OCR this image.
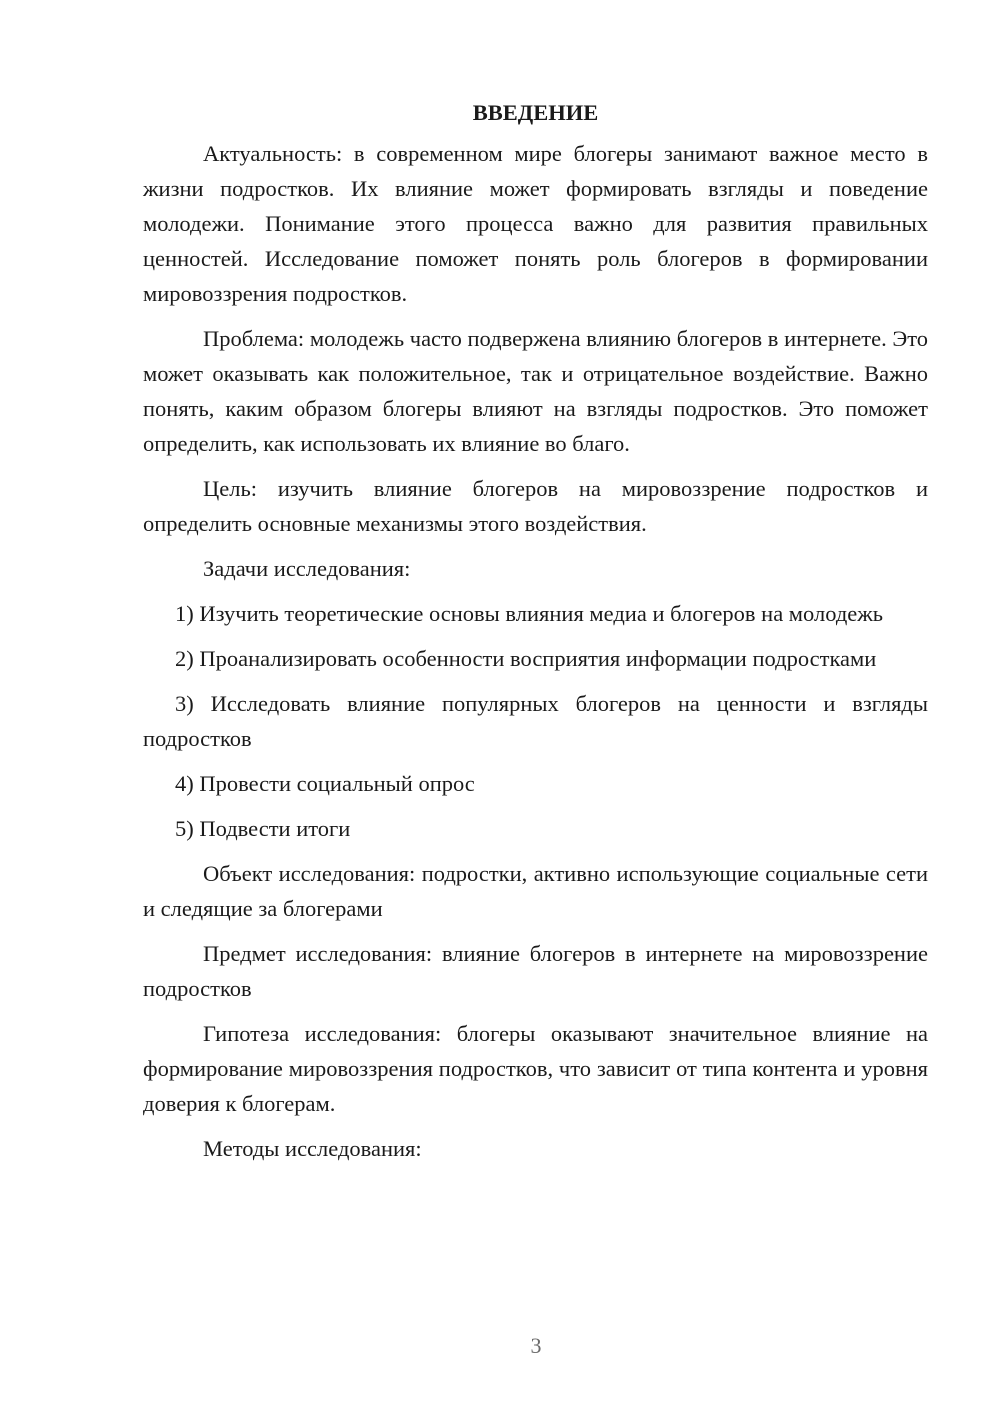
ВВЕДЕНИЕ

Актуальность: в современном мире блогеры занимают важное место в жизни подростков. Их влияние может формировать взгляды и поведение молодежи. Понимание этого процесса важно для развития правильных ценностей. Исследование поможет понять роль блогеров в формировании мировоззрения подростков.

Проблема: молодежь часто подвержена влиянию блогеров в интернете. Это может оказывать как положительное, так и отрицательное воздействие. Важно понять, каким образом блогеры влияют на взгляды подростков. Это поможет определить, как использовать их влияние во благо.

Цель: изучить влияние блогеров на мировоззрение подростков и определить основные механизмы этого воздействия.

Задачи исследования:

1) Изучить теоретические основы влияния медиа и блогеров на молодежь

2) Проанализировать особенности восприятия информации подростками

3) Исследовать влияние популярных блогеров на ценности и взгляды подростков

4) Провести социальный опрос

5) Подвести итоги

Объект исследования: подростки, активно использующие социальные сети и следящие за блогерами

Предмет исследования: влияние блогеров в интернете на мировоззрение подростков

Гипотеза исследования: блогеры оказывают значительное влияние на формирование мировоззрения подростков, что зависит от типа контента и уровня доверия к блогерам.

Методы исследования:

3
